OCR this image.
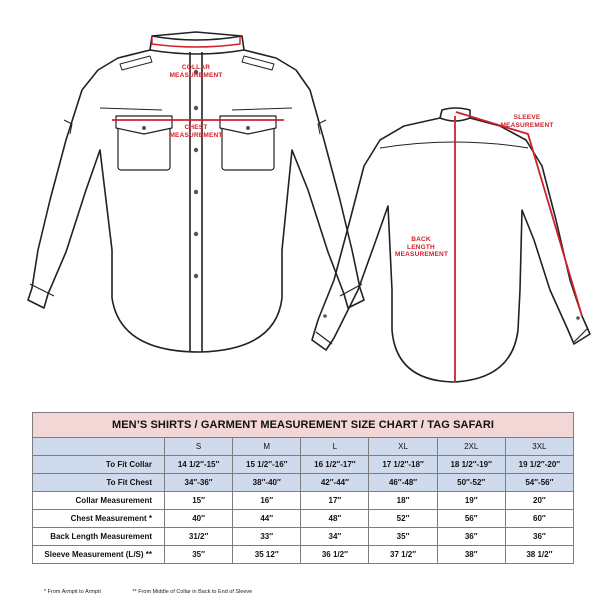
COLLAR
MEASUREMENT
CHEST
MEASUREMENT
BACK
LENGTH
MEASUREMENT
SLEEVE
MEASUREMENT
MEN’S SHIRTS / GARMENT MEASUREMENT SIZE CHART / TAG SAFARI						
	S	M	L	XL	2XL	3XL
To Fit Collar	14 1/2″-15″	15 1/2″-16″	16 1/2″-17″	17 1/2″-18″	18 1/2″-19″	19 1/2″-20″
To Fit Chest	34″-36″	38″-40″	42″-44″	46″-48″	50″-52″	54″-56″
Collar Measurement	15″	16″	17″	18″	19″	20″
Chest Measurement *	40″	44″	48″	52″	56″	60″
Back Length Measurement	31/2″	33″	34″	35″	36″	36″
Sleeve Measurement (L/S) **	35″	35 12″	36 1/2″	37 1/2″	38″	38 1/2″
* From Armpit to Armpit	** From Middle of Collar in Back to End of Sleeve
